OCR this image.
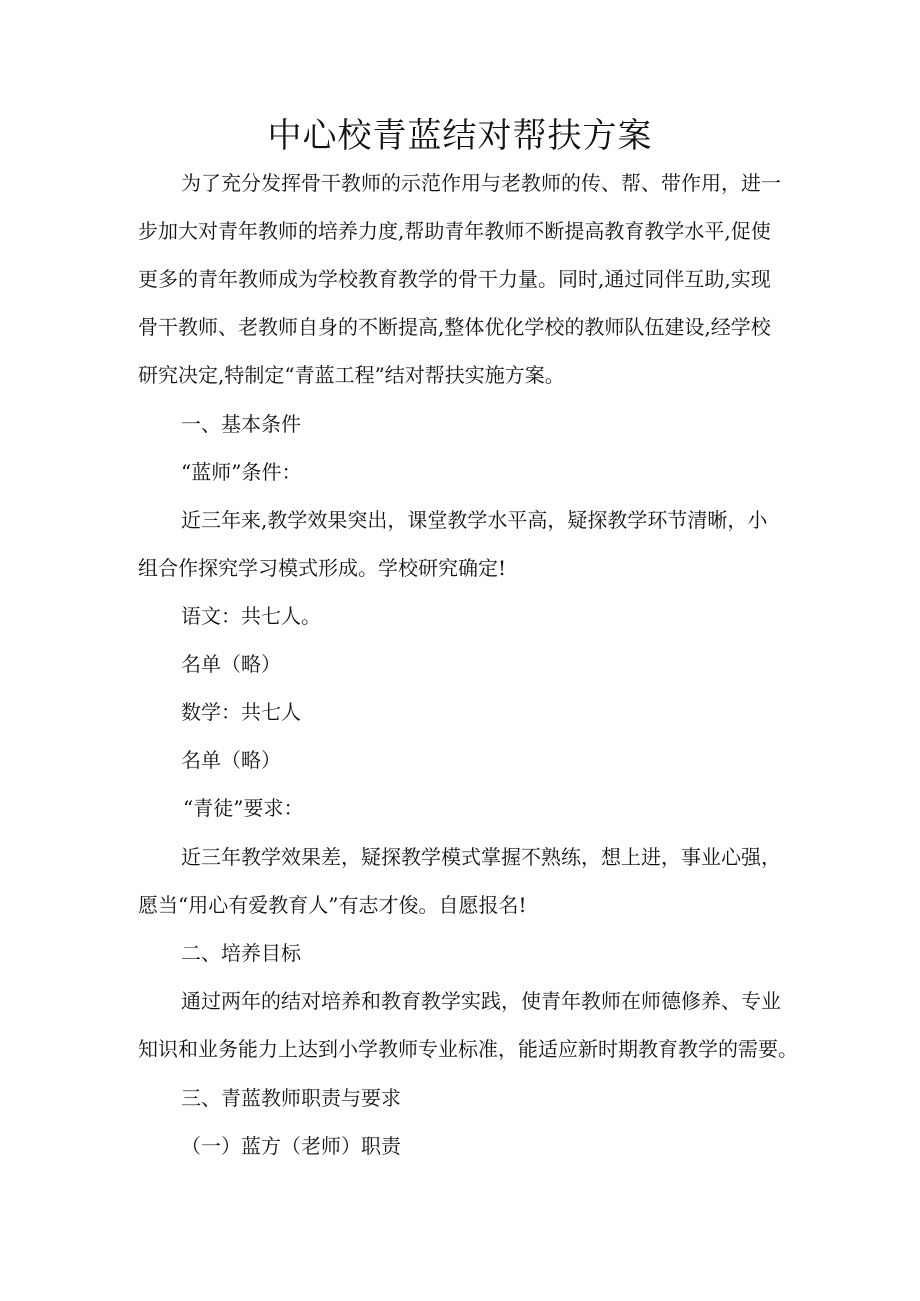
中心校青蓝结对帮扶方案

为了充分发挥骨干教师的示范作用与老教师的传、帮、带作用，进一

步加大对青年教师的培养力度,帮助青年教师不断提高教育教学水平,促使

更多的青年教师成为学校教育教学的骨干力量。同时,通过同伴互助,实现

骨干教师、老教师自身的不断提高,整体优化学校的教师队伍建设,经学校

研究决定,特制定“青蓝工程”结对帮扶实施方案。

一、基本条件

“蓝师”条件：

近三年来,教学效果突出，课堂教学水平高，疑探教学环节清晰，小

组合作探究学习模式形成。学校研究确定!

语文：共七人。

名单（略）

数学：共七人

名单（略）

“青徒”要求：

近三年教学效果差，疑探教学模式掌握不熟练，想上进，事业心强，

愿当“用心有爱教育人”有志才俊。自愿报名!

二、培养目标

通过两年的结对培养和教育教学实践，使青年教师在师德修养、专业

知识和业务能力上达到小学教师专业标准，能适应新时期教育教学的需要。

三、青蓝教师职责与要求

（一）蓝方（老师）职责
